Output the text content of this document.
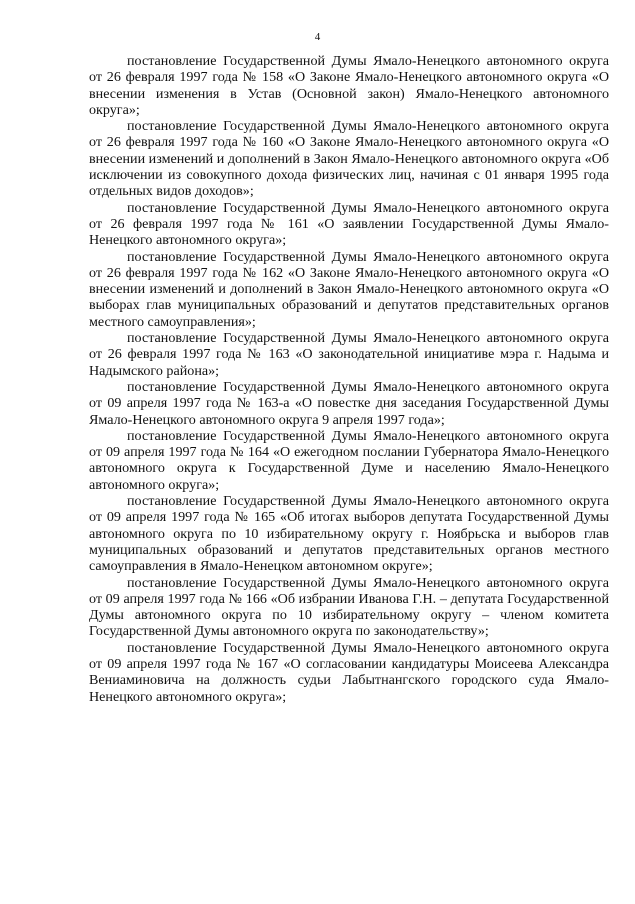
4

постановление Государственной Думы Ямало-Ненецкого автономного округа от 26 февраля 1997 года № 158 «О Законе Ямало-Ненецкого автономного округа «О внесении изменения в Устав (Основной закон) Ямало-Ненецкого автономного округа»;

постановление Государственной Думы Ямало-Ненецкого автономного округа от 26 февраля 1997 года № 160 «О Законе Ямало-Ненецкого автономного округа «О внесении изменений и дополнений в Закон Ямало-Ненецкого автономного округа «Об исключении из совокупного дохода физических лиц, начиная с 01 января 1995 года отдельных видов доходов»;

постановление Государственной Думы Ямало-Ненецкого автономного округа от 26 февраля 1997 года № 161 «О заявлении Государственной Думы Ямало-Ненецкого автономного округа»;

постановление Государственной Думы Ямало-Ненецкого автономного округа от 26 февраля 1997 года № 162 «О Законе Ямало-Ненецкого автономного округа «О внесении изменений и дополнений в Закон Ямало-Ненецкого автономного округа «О выборах глав муниципальных образований и депутатов представительных органов местного самоуправления»;

постановление Государственной Думы Ямало-Ненецкого автономного округа от 26 февраля 1997 года № 163 «О законодательной инициативе мэра г. Надыма и Надымского района»;

постановление Государственной Думы Ямало-Ненецкого автономного округа от 09 апреля 1997 года № 163-а «О повестке дня заседания Государственной Думы Ямало-Ненецкого автономного округа 9 апреля 1997 года»;

постановление Государственной Думы Ямало-Ненецкого автономного округа от 09 апреля 1997 года № 164 «О ежегодном послании Губернатора Ямало-Ненецкого автономного округа к Государственной Думе и населению Ямало-Ненецкого автономного округа»;

постановление Государственной Думы Ямало-Ненецкого автономного округа от 09 апреля 1997 года № 165 «Об итогах выборов депутата Государственной Думы автономного округа по 10 избирательному округу г. Ноябрьска и выборов глав муниципальных образований и депутатов представительных органов местного самоуправления в Ямало-Ненецком автономном округе»;

постановление Государственной Думы Ямало-Ненецкого автономного округа от 09 апреля 1997 года № 166 «Об избрании Иванова Г.Н. – депутата Государственной Думы автономного округа по 10 избирательному округу – членом комитета Государственной Думы автономного округа по законодательству»;

постановление Государственной Думы Ямало-Ненецкого автономного округа от 09 апреля 1997 года № 167 «О согласовании кандидатуры Моисеева Александра Вениаминовича на должность судьи Лабытнангского городского суда Ямало-Ненецкого автономного округа»;
